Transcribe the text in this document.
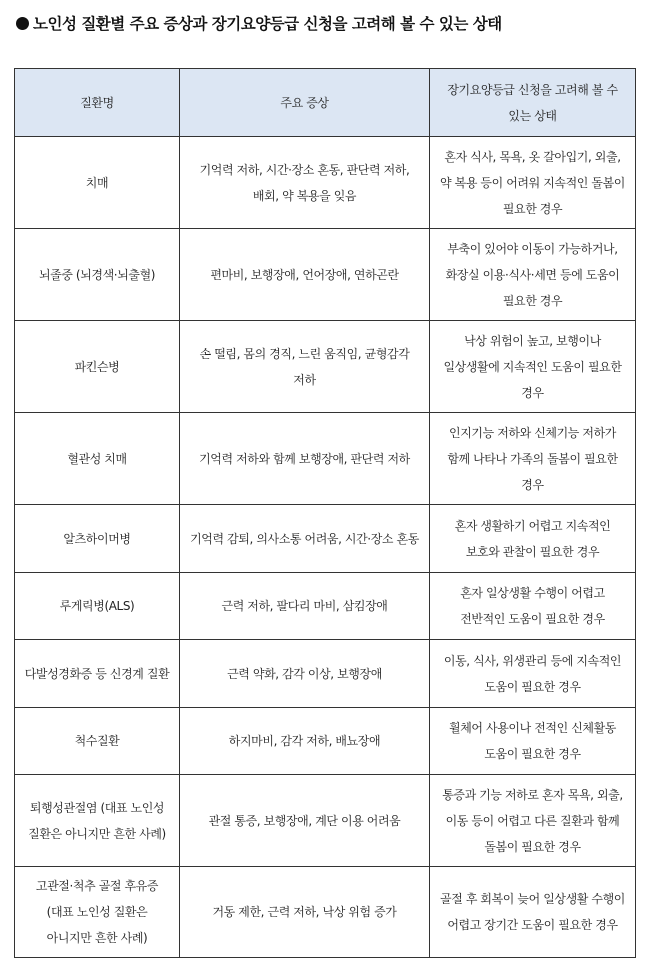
노인성 질환별 주요 증상과 장기요양등급 신청을 고려해 볼 수 있는 상태
질환명	주요 증상	장기요양등급 신청을 고려해 볼 수 있는 상태
치매	기억력 저하, 시간·장소 혼동, 판단력 저하, 배회, 약 복용을 잊음	혼자 식사, 목욕, 옷 갈아입기, 외출, 약 복용 등이 어려워 지속적인 돌봄이 필요한 경우
뇌졸중 (뇌경색·뇌출혈)	편마비, 보행장애, 언어장애, 연하곤란	부축이 있어야 이동이 가능하거나, 화장실 이용·식사·세면 등에 도움이 필요한 경우
파킨슨병	손 떨림, 몸의 경직, 느린 움직임, 균형감각 저하	낙상 위험이 높고, 보행이나 일상생활에 지속적인 도움이 필요한 경우
혈관성 치매	기억력 저하와 함께 보행장애, 판단력 저하	인지기능 저하와 신체기능 저하가 함께 나타나 가족의 돌봄이 필요한 경우
알츠하이머병	기억력 감퇴, 의사소통 어려움, 시간·장소 혼동	혼자 생활하기 어렵고 지속적인 보호와 관찰이 필요한 경우
루게릭병(ALS)	근력 저하, 팔다리 마비, 삼킴장애	혼자 일상생활 수행이 어렵고 전반적인 도움이 필요한 경우
다발성경화증 등 신경계 질환	근력 약화, 감각 이상, 보행장애	이동, 식사, 위생관리 등에 지속적인 도움이 필요한 경우
척수질환	하지마비, 감각 저하, 배뇨장애	휠체어 사용이나 전적인 신체활동 도움이 필요한 경우
퇴행성관절염 (대표 노인성 질환은 아니지만 흔한 사례)	관절 통증, 보행장애, 계단 이용 어려움	통증과 기능 저하로 혼자 목욕, 외출, 이동 등이 어렵고 다른 질환과 함께 돌봄이 필요한 경우
고관절·척추 골절 후유증 (대표 노인성 질환은 아니지만 흔한 사례)	거동 제한, 근력 저하, 낙상 위험 증가	골절 후 회복이 늦어 일상생활 수행이 어렵고 장기간 도움이 필요한 경우
